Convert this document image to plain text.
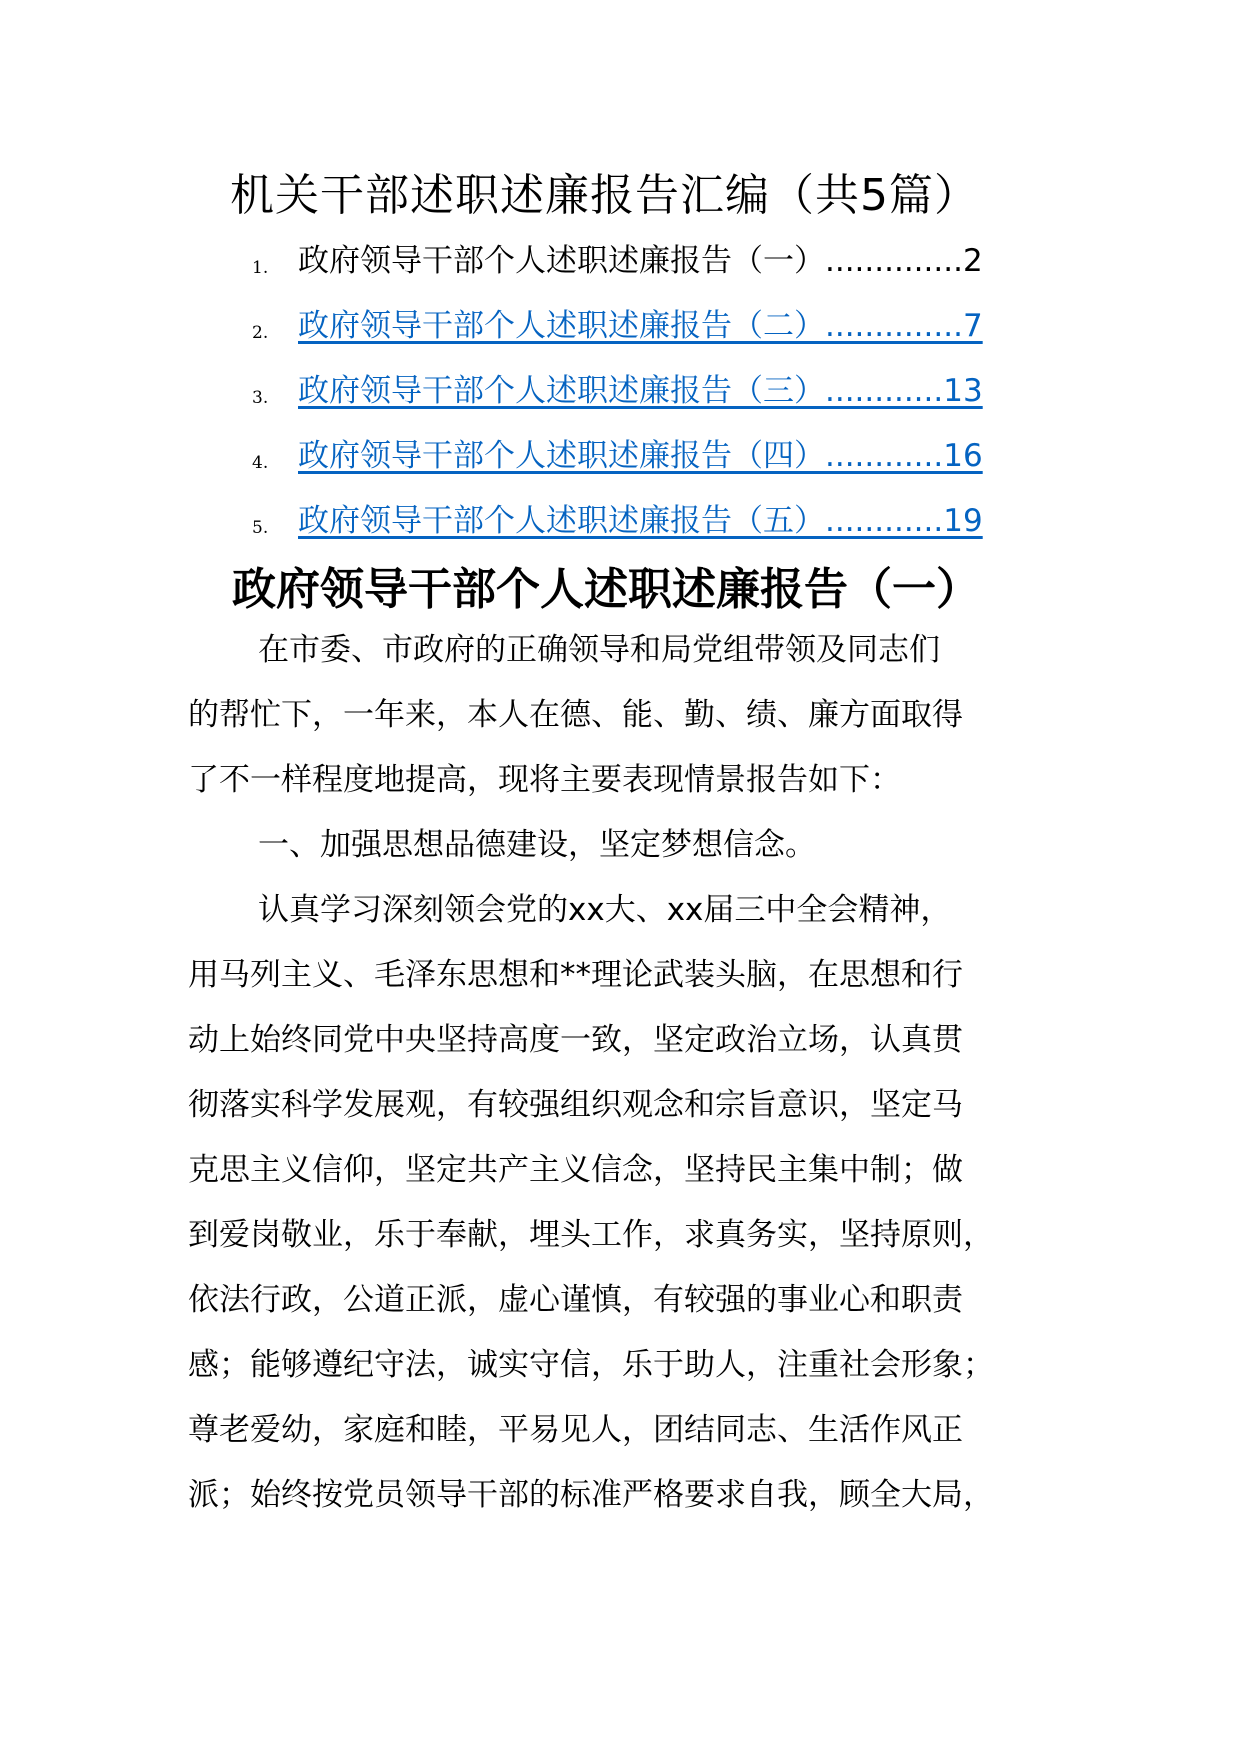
机关干部述职述廉报告汇编（共5篇）
1. 政府领导干部个人述职述廉报告（一）..............2
2. 政府领导干部个人述职述廉报告（二）..............7
3. 政府领导干部个人述职述廉报告（三）............13
4. 政府领导干部个人述职述廉报告（四）............16
5. 政府领导干部个人述职述廉报告（五）............19
政府领导干部个人述职述廉报告（一）
在市委、市政府的正确领导和局党组带领及同志们
的帮忙下，一年来，本人在德、能、勤、绩、廉方面取得
了不一样程度地提高，现将主要表现情景报告如下：
一、加强思想品德建设，坚定梦想信念。
认真学习深刻领会党的xx大、xx届三中全会精神，
用马列主义、毛泽东思想和**理论武装头脑，在思想和行
动上始终同党中央坚持高度一致，坚定政治立场，认真贯
彻落实科学发展观，有较强组织观念和宗旨意识，坚定马
克思主义信仰，坚定共产主义信念，坚持民主集中制；做
到爱岗敬业，乐于奉献，埋头工作，求真务实，坚持原则，
依法行政，公道正派，虚心谨慎，有较强的事业心和职责
感；能够遵纪守法，诚实守信，乐于助人，注重社会形象；
尊老爱幼，家庭和睦，平易见人，团结同志、生活作风正
派；始终按党员领导干部的标准严格要求自我，顾全大局，
